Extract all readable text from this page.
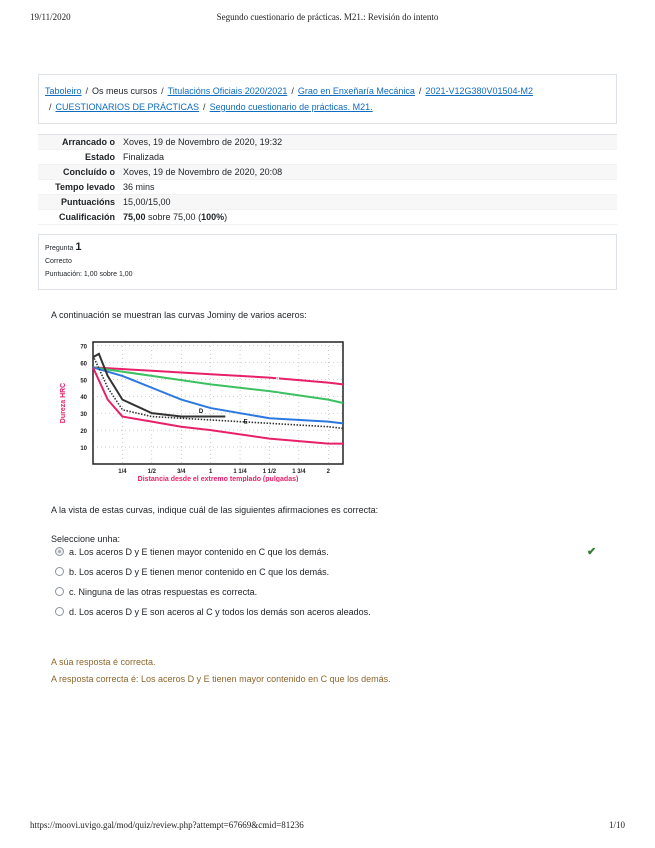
19/11/2020	Segundo cuestionario de prácticas. M21.: Revisión do intento
Taboleiro / Os meus cursos / Titulacións Oficiais 2020/2021 / Grao en Enxeñaría Mecánica / 2021-V12G380V01504-M2
/ CUESTIONARIOS DE PRÁCTICAS / Segundo cuestionario de prácticas. M21.
Arrancado o Xoves, 19 de Novembro de 2020, 19:32
Estado Finalizada
Concluído o Xoves, 19 de Novembro de 2020, 20:08
Tempo levado 36 mins
Puntuacións 15,00/15,00
Cualificación 75,00 sobre 75,00 (100%)
Pregunta 1
Correcto
Puntuación: 1,00 sobre 1,00
A continuación se muestran las curvas Jominy de varios aceros:
10
20
30
40
50
60
70
1/4	1/2	3/4	1	1 1/4	1 1/2	1 3/4	2
Dureza HRC
Distancia desde el extremo templado (pulgadas)
A
B
C
D
E
F
A la vista de estas curvas, indique cuál de las siguientes afirmaciones es correcta:
Seleccione unha:
a. Los aceros D y E tienen mayor contenido en C que los demás.
b. Los aceros D y E tienen menor contenido en C que los demás.
c. Ninguna de las otras respuestas es correcta.
d. Los aceros D y E son aceros al C y todos los demás son aceros aleados.
✔
A súa resposta é correcta.
A resposta correcta é: Los aceros D y E tienen mayor contenido en C que los demás.
https://moovi.uvigo.gal/mod/quiz/review.php?attempt=67669&cmid=81236	1/10
